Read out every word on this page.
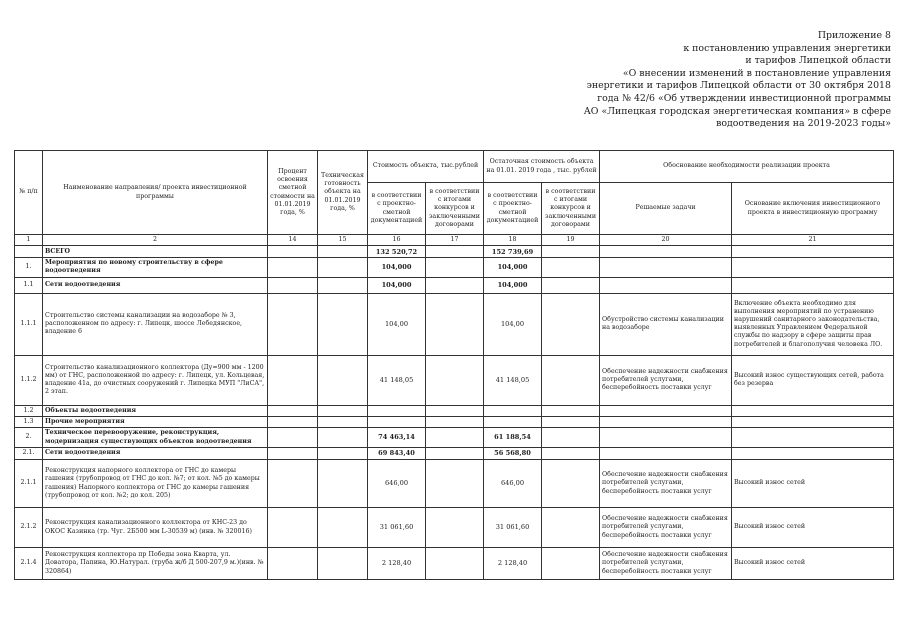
Приложение 8
к постановлению управления энергетики
и тарифов Липецкой области
«О внесении изменений в постановление управления
энергетики и тарифов Липецкой области от 30 октября 2018
года № 42/6 «Об утверждении инвестиционной программы
АО «Липецкая городская энергетическая компания» в сфере
водоотведения на 2019-2023 годы»
№ п/п	Наименование направления/ проекта инвестиционной программы	Процент освоения сметной стоимости на 01.01.2019 года, %	Техническая готовность объекта на 01.01.2019 года, %	Стоимость объекта, тыс.рублей		Остаточная стоимость объекта на 01.01. 2019 года , тыс. рублей		Обоснование необходимости реализации проекта	
				в соответствии с проектно-сметной документацией	в соответствии с итогами конкурсов и заключенными договорами	в соответствии с проектно-сметной документацией	в соответствии с итогами конкурсов и заключенными договорами	Решаемые задачи	Основание включения инвестиционного проекта в инвестиционную программу
1	2	14	15	16	17	18	19	20	21
	ВСЕГО			132 520,72		152 739,69			
1.	Мероприятия по новому строительству в сфере водоотведения			104,000		104,000			
1.1	Сети водоотведения			104,000		104,000			
1.1.1	Строительство системы канализации на водозаборе № 3, расположенном по адресу: г. Липецк, шоссе Лебедянское, владение 6			104,00		104,00		Обустройство системы канализации на водозаборе	Включение объекта необходимо для выполнения мероприятий по устранению нарушений санитарного законодательства, выявленных Управлением Федеральной службы по надзору в сфере защиты прав потребителей и благополучия человека ЛО.
1.1.2	Строительство канализационного коллектора (Ду=900 мм - 1200 мм) от ГНС, расположенной по адресу: г. Липецк, ул. Кольцевая, владение 41а, до очистных сооружений г. Липецка МУП "ЛиСА", 2 этап.			41 148,05		41 148,05		Обеспечение надежности снабжения потребителей услугами, бесперебойность поставки услуг	Высокий износ существующих сетей, работа без резерва
1.2	Объекты водоотведения								
1.3	Прочие мероприятия								
2.	Техническое перевооружение, реконструкция, модернизация существующих объектов водоотведения			74 463,14		61 188,54			
2.1.	Сети водоотведения			69 843,40		56 568,80			
2.1.1	Реконструкция напорного коллектора от ГНС до камеры гашения (трубопровод от ГНС до кол. №7; от кол. №5 до камеры гашения) Напорного коллектора от ГНС до камеры гашения (трубопровод от кол. №2; до кол. 205)			646,00		646,00		Обеспечение надежности снабжения потребителей услугами, бесперебойность поставки услуг	Высокий износ сетей
2.1.2	Реконструкция канализационного коллектора от КНС-23 до ОКОС Казинка (тр. Чуг. 2Б500 мм L-30539 м) (инв. № 320016)			31 061,60		31 061,60		Обеспечение надежности снабжения потребителей услугами, бесперебойность поставки услуг	Высокий износ сетей
2.1.4	Реконструкция коллектора пр Победы зона Кварта, ул. Доватора, Папина, Ю.Натурал. (труба ж/б Д 500-207,9 м.)(инв. № 320864)			2 128,40		2 128,40		Обеспечение надежности снабжения потребителей услугами, бесперебойность поставки услуг	Высокий износ сетей
